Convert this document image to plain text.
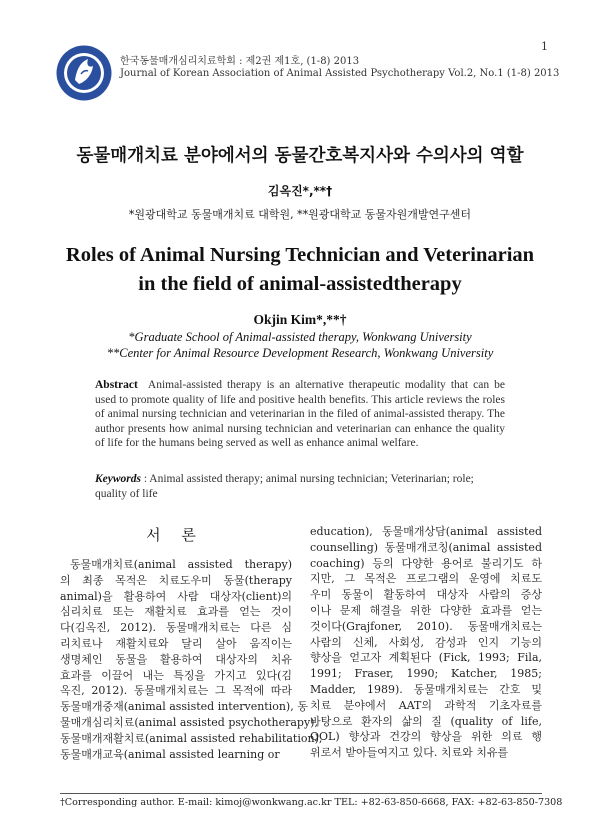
한국동물매개심리치료학회 : 제2권 제1호, (1-8) 2013
Journal of Korean Association of Animal Assisted Psychotherapy Vol.2, No.1 (1-8) 2013
1
동물매개치료 분야에서의 동물간호복지사와 수의사의 역할
김옥진*,**†
*원광대학교 동물매개치료 대학원, **원광대학교 동물자원개발연구센터
Roles of Animal Nursing Technician and Veterinarian in the field of animal-assistedtherapy
Okjin Kim*,**†
*Graduate School of Animal-assisted therapy, Wonkwang University
**Center for Animal Resource Development Research, Wonkwang University
Abstract Animal-assisted therapy is an alternative therapeutic modality that can be used to promote quality of life and positive health benefits. This article reviews the roles of animal nursing technician and veterinarian in the filed of animal-assisted therapy. The author presents how animal nursing technician and veterinarian can enhance the quality of life for the humans being served as well as enhance animal welfare.
Keywords : Animal assisted therapy; animal nursing technician; Veterinarian; role; quality of life
서 론
동물매개치료(animal assisted therapy)
의 최종 목적은 치료도우미 동물(therapy
animal)을 활용하여 사람 대상자(client)의
심리치료 또는 재활치료 효과를 얻는 것이
다(김옥진, 2012). 동물매개치료는 다른 심
리치료나 재활치료와 달리 살아 움직이는
생명체인 동물을 활용하여 대상자의 치유
효과를 이끌어 내는 특징을 가지고 있다(김
옥진, 2012). 동물매개치료는 그 목적에 따라
동물매개중재(animal assisted intervention), 동
물매개심리치료(animal assisted psychotherapy),
동물매개재활치료(animal assisted rehabilitation),
동물매개교육(animal assisted learning or
education), 동물매개상담(animal assisted
counselling) 동물매개코칭(animal assisted
coaching) 등의 다양한 용어로 불리기도 하
지만, 그 목적은 프로그램의 운영에 치료도
우미 동물이 활동하여 대상자 사람의 증상
이나 문제 해결을 위한 다양한 효과를 얻는
것이다(Grajfoner, 2010). 동물매개치료는
사람의 신체, 사회성, 감성과 인지 기능의
향상을 얻고자 계획된다 (Fick, 1993; Fila,
1991; Fraser, 1990; Katcher, 1985;
Madder, 1989). 동물매개치료는 간호 및
치료 분야에서 AAT의 과학적 기초자료를
바탕으로 환자의 삶의 질 (quality of life,
QOL) 향상과 건강의 향상을 위한 의료 행
위로서 받아들여지고 있다. 치료와 치유를
†Corresponding author. E-mail: kimoj@wonkwang.ac.kr TEL: +82-63-850-6668, FAX: +82-63-850-7308
